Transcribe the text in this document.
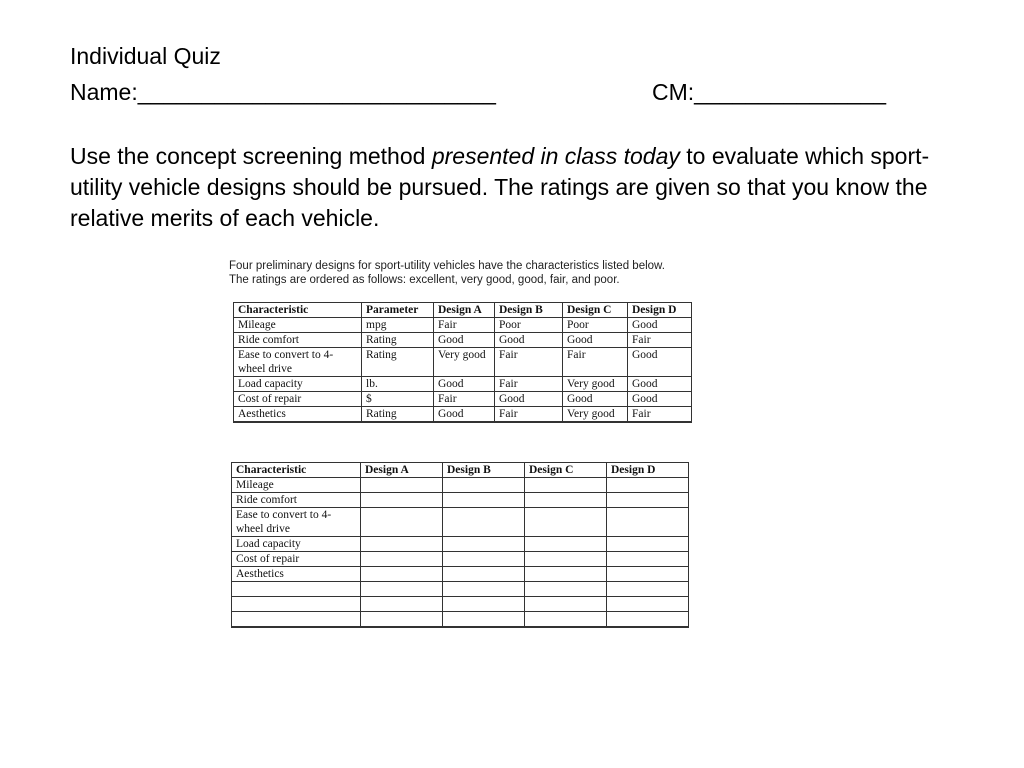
Individual Quiz
Name:____________________________	CM:_______________
Use the concept screening method presented in class today to evaluate which sport-utility vehicle designs should be pursued. The ratings are given so that you know the relative merits of each vehicle.
Four preliminary designs for sport-utility vehicles have the characteristics listed below.
The ratings are ordered as follows: excellent, very good, good, fair, and poor.
Characteristic	Parameter	Design A	Design B	Design C	Design D
Mileage	mpg	Fair	Poor	Poor	Good
Ride comfort	Rating	Good	Good	Good	Fair
Ease to convert to 4-wheel drive	Rating	Very good	Fair	Fair	Good
Load capacity	lb.	Good	Fair	Very good	Good
Cost of repair	$	Fair	Good	Good	Good
Aesthetics	Rating	Good	Fair	Very good	Fair
Characteristic	Design A	Design B	Design C	Design D
Mileage				
Ride comfort				
Ease to convert to 4-wheel drive				
Load capacity				
Cost of repair				
Aesthetics				
